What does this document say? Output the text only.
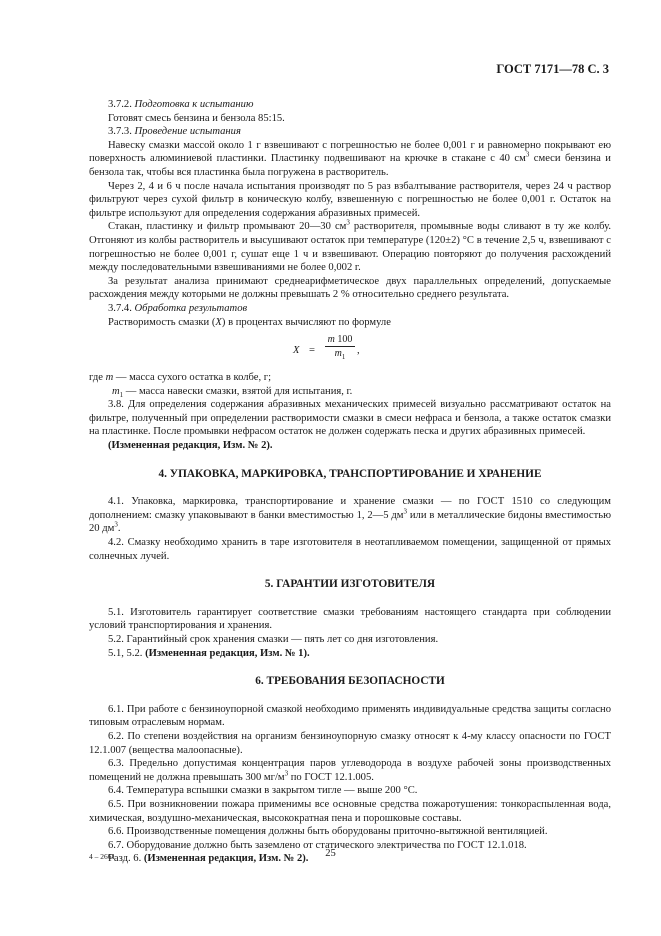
ГОСТ 7171—78 С. 3

3.7.2. Подготовка к испытанию

Готовят смесь бензина и бензола 85:15.

3.7.3. Проведение испытания

Навеску смазки массой около 1 г взвешивают с погрешностью не более 0,001 г и равномерно покрывают ею поверхность алюминиевой пластинки. Пластинку подвешивают на крючке в стакане с 40 $см^3$ смеси бензина и бензола так, чтобы вся пластинка была погружена в растворитель.

Через 2, 4 и 6 ч после начала испытания производят по 5 раз взбалтывание растворителя, через 24 ч раствор фильтруют через сухой фильтр в коническую колбу, взвешенную с погрешностью не более 0,001 г. Остаток на фильтре используют для определения содержания абразивных примесей.

Стакан, пластинку и фильтр промывают 20—30 $см^3$ растворителя, промывные воды сливают в ту же колбу. Отгоняют из колбы растворитель и высушивают остаток при температуре (120±2) °С в течение 2,5 ч, взвешивают с погрешностью не более 0,001 г, сушат еще 1 ч и взвешивают. Операцию повторяют до получения расхождений между последовательными взвешиваниями не более 0,002 г.

За результат анализа принимают среднеарифметическое двух параллельных определений, допускаемые расхождения между которыми не должны превышать 2 % относительно среднего результата.

3.7.4. Обработка результатов

Растворимость смазки (X) в процентах вычисляют по формуле

$X = \frac{m 100}{m_1}$ ,

где m — масса сухого остатка в колбе, г;

$m_1$ — масса навески смазки, взятой для испытания, г.

3.8. Для определения содержания абразивных механических примесей визуально рассматривают остаток на фильтре, полученный при определении растворимости смазки в смеси нефраса и бензола, а также остаток смазки на пластинке. После промывки нефрасом остаток не должен содержать песка и других абразивных примесей.

(Измененная редакция, Изм. № 2).

4. УПАКОВКА, МАРКИРОВКА, ТРАНСПОРТИРОВАНИЕ И ХРАНЕНИЕ

4.1. Упаковка, маркировка, транспортирование и хранение смазки — по ГОСТ 1510 со следующим дополнением: смазку упаковывают в банки вместимостью 1, 2—5 $дм^3$ или в металлические бидоны вместимостью 20 $дм^3$.

4.2. Смазку необходимо хранить в таре изготовителя в неотапливаемом помещении, защищенной от прямых солнечных лучей.

5. ГАРАНТИИ ИЗГОТОВИТЕЛЯ

5.1. Изготовитель гарантирует соответствие смазки требованиям настоящего стандарта при соблюдении условий транспортирования и хранения.

5.2. Гарантийный срок хранения смазки — пять лет со дня изготовления.

5.1, 5.2. (Измененная редакция, Изм. № 1).

6. ТРЕБОВАНИЯ БЕЗОПАСНОСТИ

6.1. При работе с бензиноупорной смазкой необходимо применять индивидуальные средства защиты согласно типовым отраслевым нормам.

6.2. По степени воздействия на организм бензиноупорную смазку относят к 4-му классу опасности по ГОСТ 12.1.007 (вещества малоопасные).

6.3. Предельно допустимая концентрация паров углеводорода в воздухе рабочей зоны производственных помещений не должна превышать 300 $мг/м^3$ по ГОСТ 12.1.005.

6.4. Температура вспышки смазки в закрытом тигле — выше 200 °С.

6.5. При возникновении пожара применимы все основные средства пожаротушения: тонкораспыленная вода, химическая, воздушно-механическая, высокократная пена и порошковые составы.

6.6. Производственные помещения должны быть оборудованы приточно-вытяжной вентиляцией.

6.7. Оборудование должно быть заземлено от статического электричества по ГОСТ 12.1.018.

Разд. 6. (Измененная редакция, Изм. № 2).

4 – 2661	25
